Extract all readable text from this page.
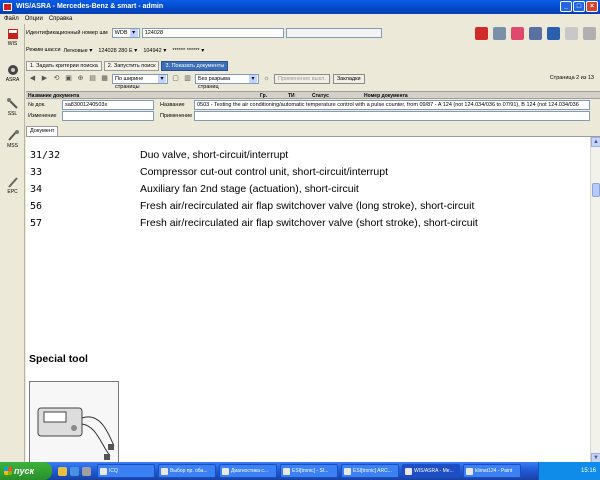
WIS/ASRA - Mercedes-Benz & smart - admin	_	□	×
Файл Опции Справка
WIS
ASRA
SSL
MSS
EPC
Идентификационный номер шм	WDB ▾	124028
Режим шасси Легковые ▾	124028 280 E ▾	104942 ▾	****** ****** ▾
1. Задать критерии поиска	2. Запустить поиск	3. Показать документы
◀ ▶ ⟲ ▣ ⊕ ▤ ▦	По ширине страницы ▾
▢ ▥	Без разрыва страниц ▾
☼	Применение выкл.	Закладки	Страница 2 из 13
Название документа	Гр.	ТИ	Статус	Номер документа
№ док.	sa83001240503x	Название	0503 - Testing the air conditioning/automatic temperature control with a pulse counter, from 09/87 - A 124 (not 124.034/036 to 07/91), B 124 (not 124.034/036
Изменение	Применение
Документ
31/32	Duo valve, short-circuit/interrupt
33	Compressor cut-out control unit, short-circuit/interrupt
34	Auxiliary fan 2nd stage (actuation), short-circuit
56	Fresh air/recirculated air flap switchover valve (long stroke), short-circuit
57	Fresh air/recirculated air flap switchover valve (short stroke), short-circuit
Special tool
▲
▼
пуск	ICQ	Выбор пр. оба...	Диагностика с...	ESI[tronic] - SI...	ESI[tronic] ARC...	WIS/ASRA - Me...	klimat124 - Paint	15:16
